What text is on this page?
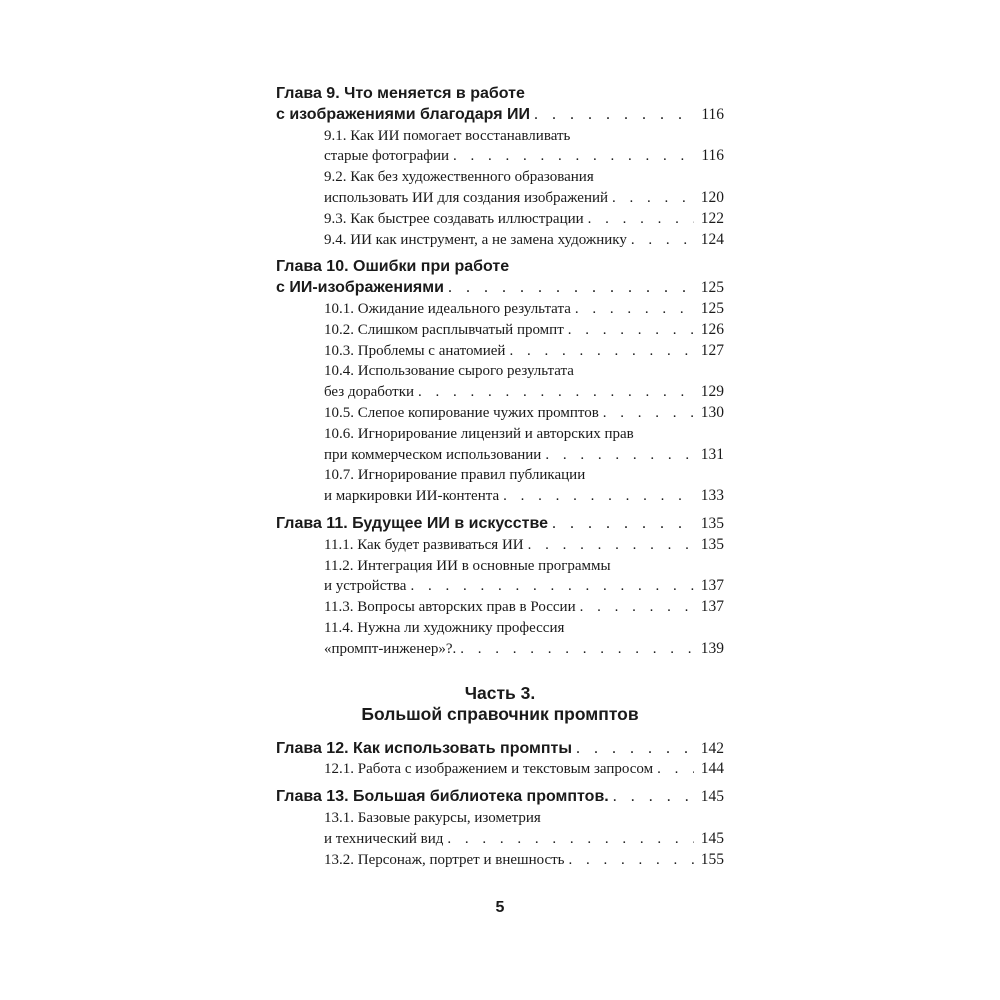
Глава 9. Что меняется в работе
с изображениями благодаря ИИ . . .	116
9.1. Как ИИ помогает восстанавливать
старые фотографии . . .	116
9.2. Как без художественного образования
использовать ИИ для создания изображений . . .	120
9.3. Как быстрее создавать иллюстрации . . .	122
9.4. ИИ как инструмент, а не замена художнику . . .	124
Глава 10. Ошибки при работе
с ИИ-изображениями . . .	125
10.1. Ожидание идеального результата . . .	125
10.2. Слишком расплывчатый промпт . . .	126
10.3. Проблемы с анатомией . . .	127
10.4. Использование сырого результата
без доработки . . .	129
10.5. Слепое копирование чужих промптов . . .	130
10.6. Игнорирование лицензий и авторских прав
при коммерческом использовании . . .	131
10.7. Игнорирование правил публикации
и маркировки ИИ-контента . . .	133
Глава 11. Будущее ИИ в искусстве . . .	135
11.1. Как будет развиваться ИИ . . .	135
11.2. Интеграция ИИ в основные программы
и устройства . . .	137
11.3. Вопросы авторских прав в России . . .	137
11.4. Нужна ли художнику профессия
«промпт-инженер»?. . . .	139
Часть 3.
Большой справочник промптов
Глава 12. Как использовать промпты . . .	142
12.1. Работа с изображением и текстовым запросом . . .	144
Глава 13. Большая библиотека промптов. . . .	145
13.1. Базовые ракурсы, изометрия
и технический вид . . .	145
13.2. Персонаж, портрет и внешность . . .	155
5
